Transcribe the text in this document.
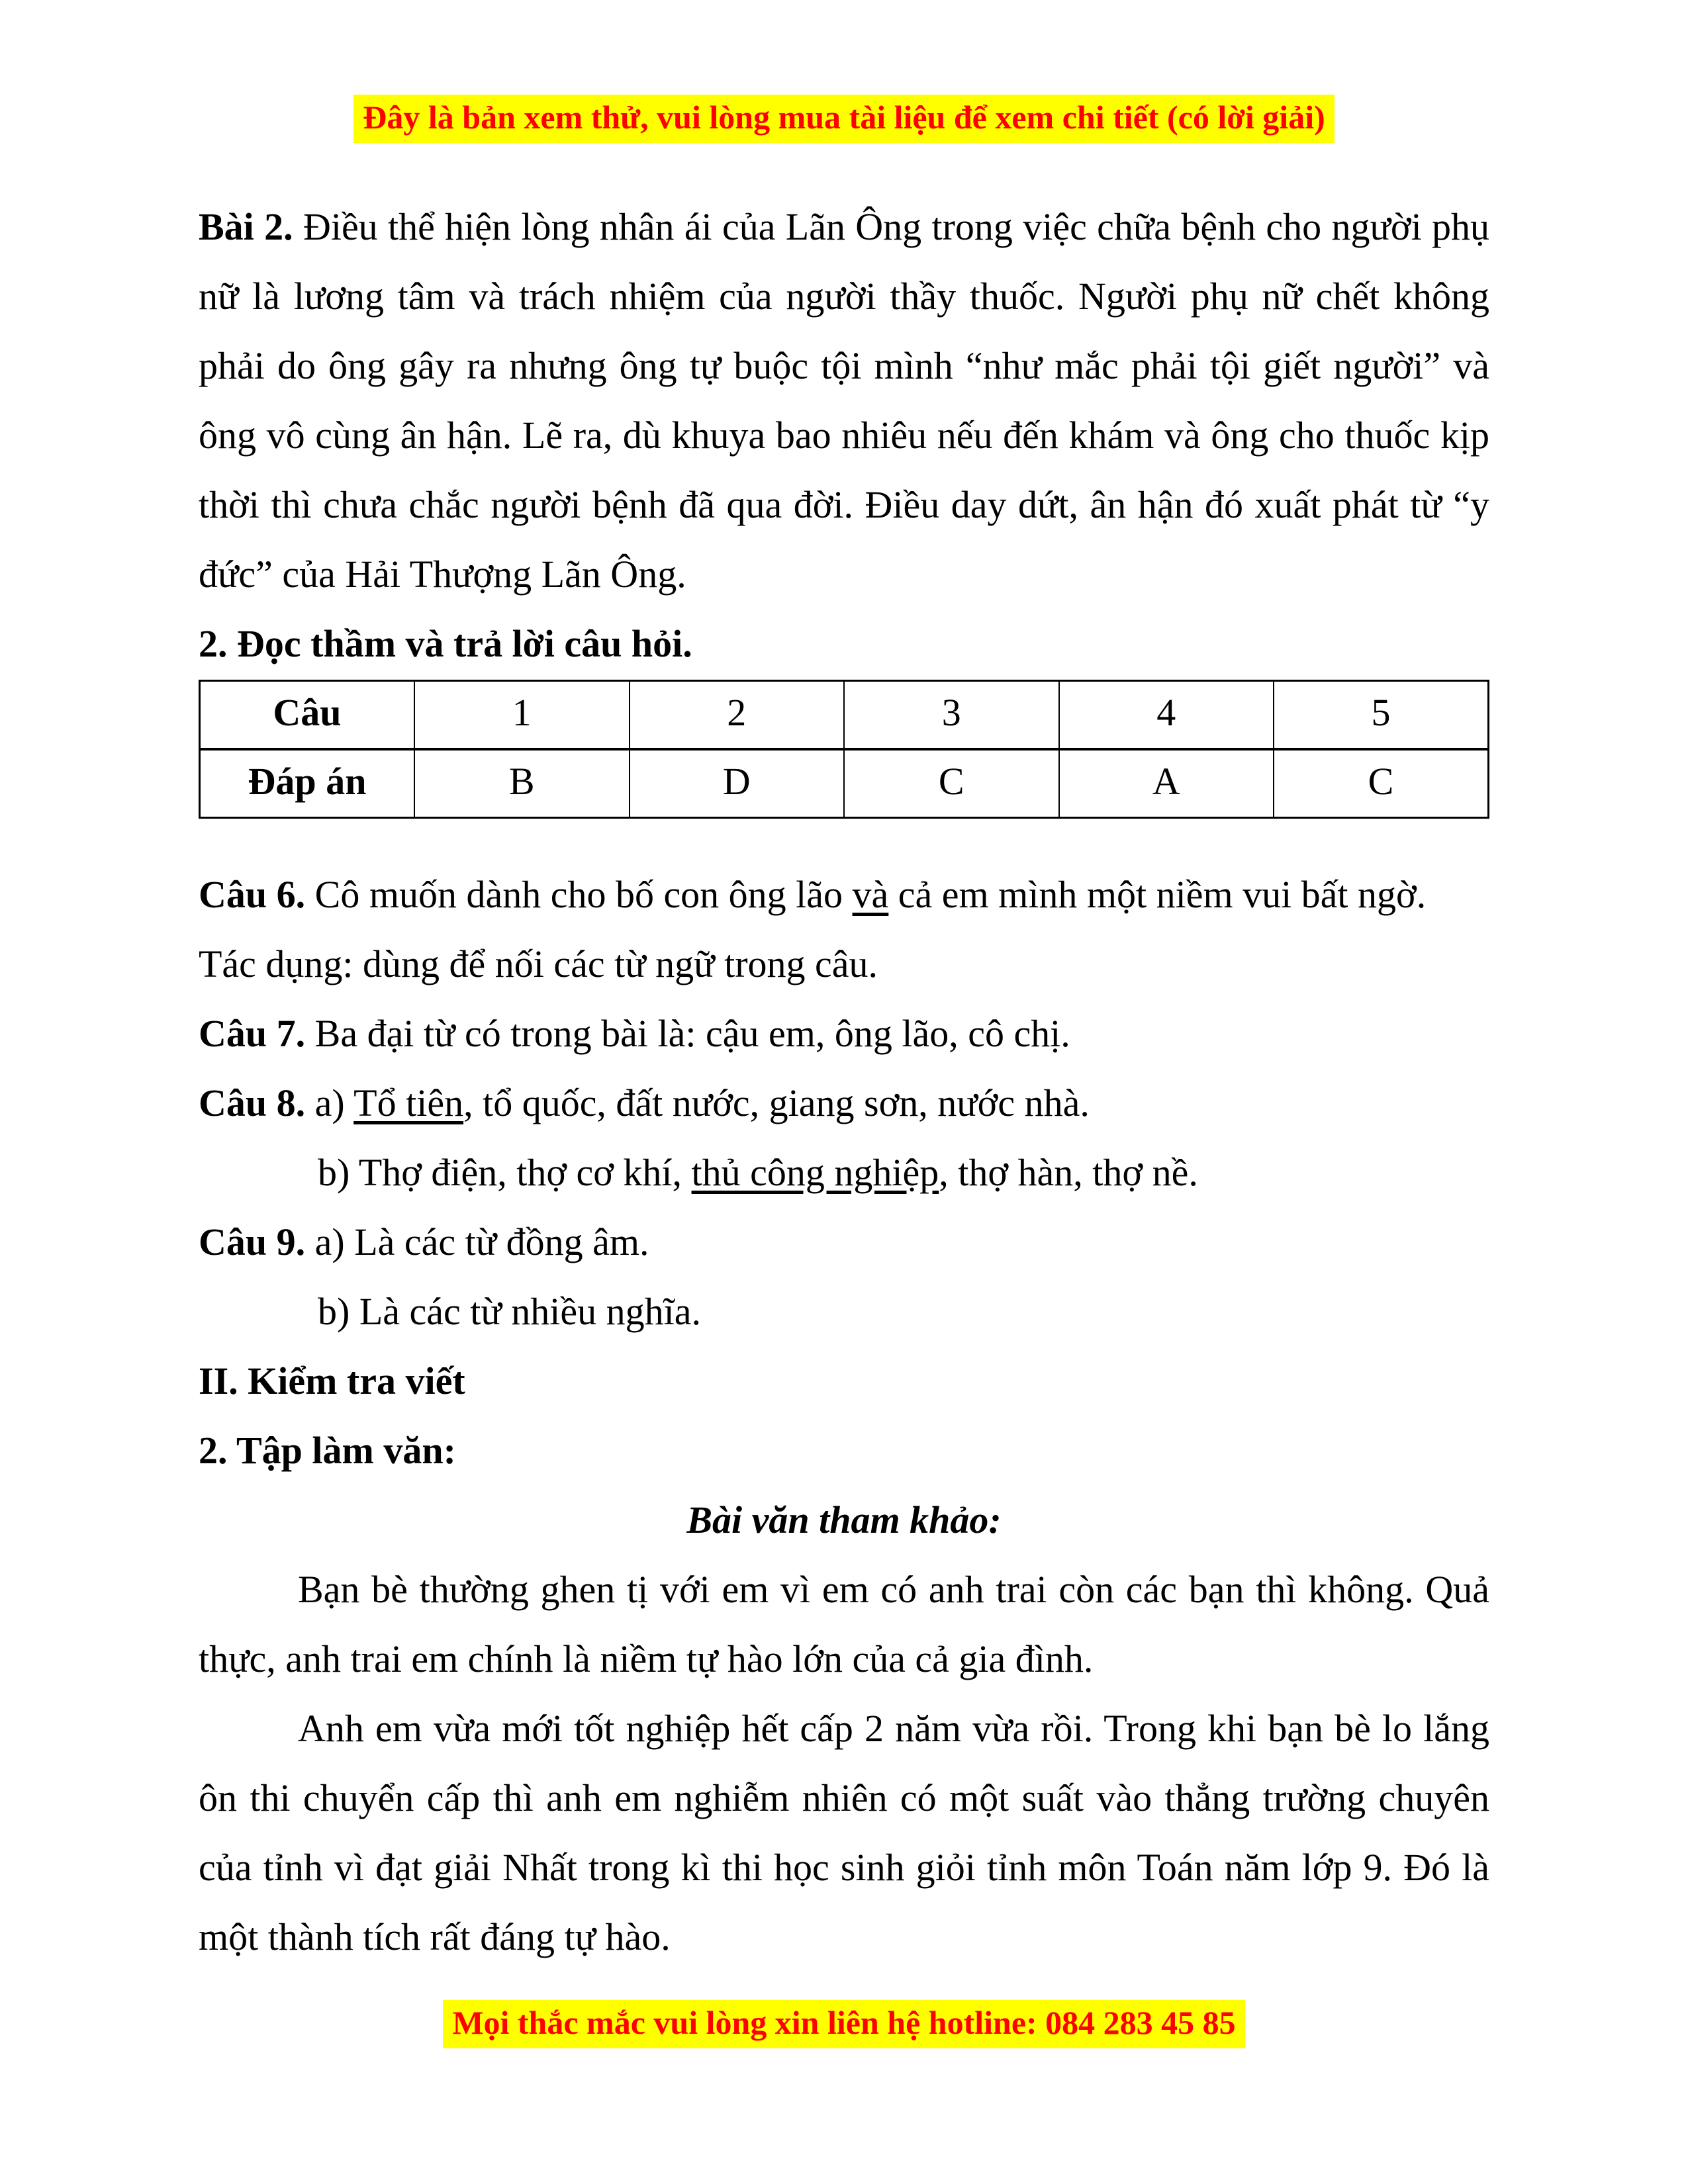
Đây là bản xem thử, vui lòng mua tài liệu để xem chi tiết (có lời giải)

Bài 2. Điều thể hiện lòng nhân ái của Lãn Ông trong việc chữa bệnh cho người phụ nữ là lương tâm và trách nhiệm của người thầy thuốc. Người phụ nữ chết không phải do ông gây ra nhưng ông tự buộc tội mình “như mắc phải tội giết người” và ông vô cùng ân hận. Lẽ ra, dù khuya bao nhiêu nếu đến khám và ông cho thuốc kịp thời thì chưa chắc người bệnh đã qua đời. Điều day dứt, ân hận đó xuất phát từ “y đức” của Hải Thượng Lãn Ông.

2. Đọc thầm và trả lời câu hỏi.

Câu	1	2	3	4	5
Đáp án	B	D	C	A	C

Câu 6. Cô muốn dành cho bố con ông lão và cả em mình một niềm vui bất ngờ.

Tác dụng: dùng để nối các từ ngữ trong câu.

Câu 7. Ba đại từ có trong bài là: cậu em, ông lão, cô chị.

Câu 8. a) Tổ tiên, tổ quốc, đất nước, giang sơn, nước nhà.

b) Thợ điện, thợ cơ khí, thủ công nghiệp, thợ hàn, thợ nề.

Câu 9. a) Là các từ đồng âm.

b) Là các từ nhiều nghĩa.

II. Kiểm tra viết

2. Tập làm văn:

Bài văn tham khảo:

Bạn bè thường ghen tị với em vì em có anh trai còn các bạn thì không. Quả thực, anh trai em chính là niềm tự hào lớn của cả gia đình.

Anh em vừa mới tốt nghiệp hết cấp 2 năm vừa rồi. Trong khi bạn bè lo lắng ôn thi chuyển cấp thì anh em nghiễm nhiên có một suất vào thẳng trường chuyên của tỉnh vì đạt giải Nhất trong kì thi học sinh giỏi tỉnh môn Toán năm lớp 9. Đó là một thành tích rất đáng tự hào.

Mọi thắc mắc vui lòng xin liên hệ hotline: 084 283 45 85
